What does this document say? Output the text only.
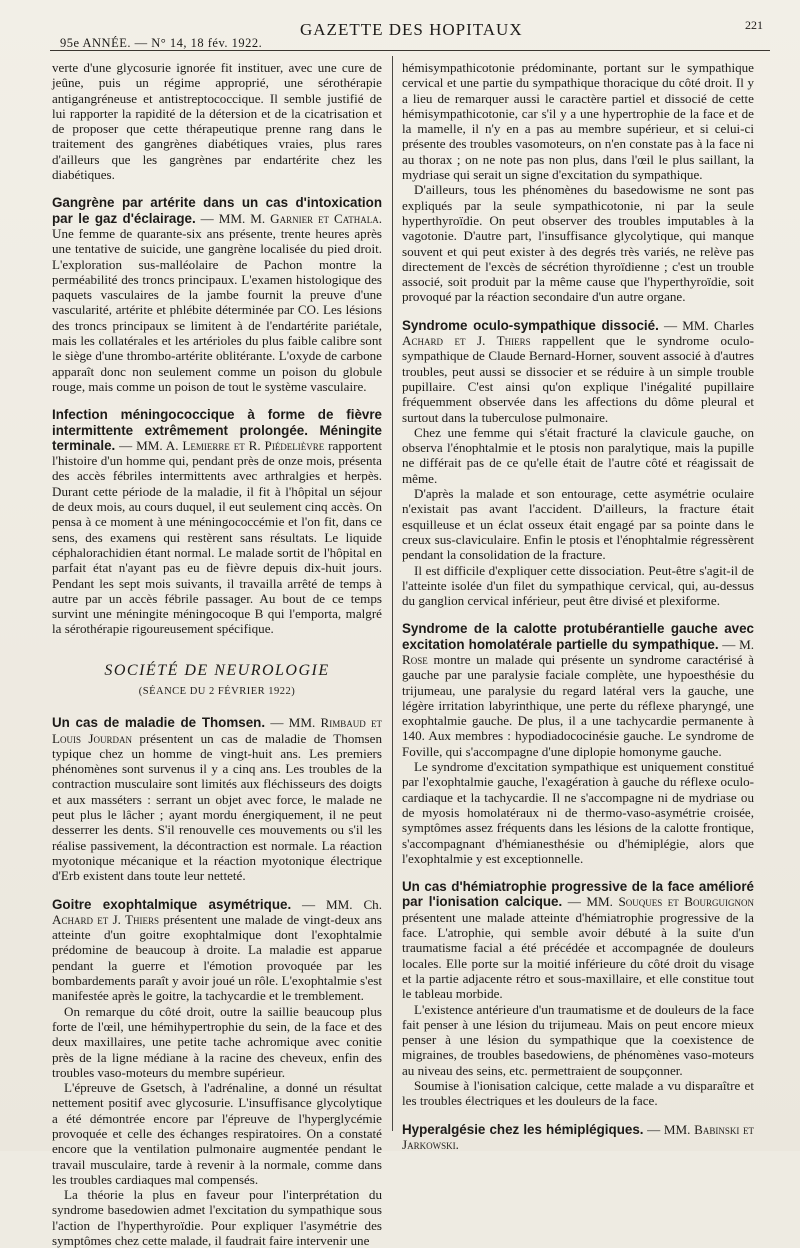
95e ANNÉE. — N° 14, 18 fév. 1922.
GAZETTE DES HOPITAUX	221

verte d'une glycosurie ignorée fit instituer, avec une cure de jeûne, puis un régime approprié, une sérothérapie antigangréneuse et antistreptococcique. Il semble justifié de lui rapporter la rapidité de la détersion et de la cicatrisation et de proposer que cette thérapeutique prenne rang dans le traitement des gangrènes diabétiques vraies, plus rares d'ailleurs que les gangrènes par endartérite chez les diabétiques.

Gangrène par artérite dans un cas d'intoxication par le gaz d'éclairage. — MM. M. Garnier et Cathala. Une femme de quarante-six ans présente, trente heures après une tentative de suicide, une gangrène localisée du pied droit. L'exploration sus-malléolaire de Pachon montre la perméabilité des troncs principaux. L'examen histologique des paquets vasculaires de la jambe fournit la preuve d'une vascularité, artérite et phlébite déterminée par CO. Les lésions des troncs principaux se limitent à de l'endartérite pariétale, mais les collatérales et les artérioles du plus faible calibre sont le siège d'une thrombo-artérite oblitérante. L'oxyde de carbone apparaît donc non seulement comme un poison du globule rouge, mais comme un poison de tout le système vasculaire.

Infection méningococcique à forme de fièvre intermittente extrêmement prolongée. Méningite terminale. — MM. A. Lemierre et R. Piédelièvre rapportent l'histoire d'un homme qui, pendant près de onze mois, présenta des accès fébriles intermittents avec arthralgies et herpès. Durant cette période de la maladie, il fit à l'hôpital un séjour de deux mois, au cours duquel, il eut seulement cinq accès. On pensa à ce moment à une méningococcémie et l'on fit, dans ce sens, des examens qui restèrent sans résultats. Le liquide céphalorachidien étant normal. Le malade sortit de l'hôpital en parfait état n'ayant pas eu de fièvre depuis dix-huit jours. Pendant les sept mois suivants, il travailla arrêté de temps à autre par un accès fébrile passager. Au bout de ce temps survint une méningite méningocoque B qui l'emporta, malgré la sérothérapie rigoureusement spécifique.

SOCIÉTÉ DE NEUROLOGIE
(SÉANCE DU 2 FÉVRIER 1922)

Un cas de maladie de Thomsen. — MM. Rimbaud et Louis Jourdan présentent un cas de maladie de Thomsen typique chez un homme de vingt-huit ans. Les premiers phénomènes sont survenus il y a cinq ans. Les troubles de la contraction musculaire sont limités aux fléchisseurs des doigts et aux masséters : serrant un objet avec force, le malade ne peut plus le lâcher ; ayant mordu énergiquement, il ne peut desserrer les dents. S'il renouvelle ces mouvements ou s'il les réalise passivement, la décontraction est normale. La réaction myotonique mécanique et la réaction myotonique électrique d'Erb existent dans toute leur netteté.

Goitre exophtalmique asymétrique. — MM. Ch. Achard et J. Thiers présentent une malade de vingt-deux ans atteinte d'un goitre exophtalmique dont l'exophtalmie prédomine de beaucoup à droite. La maladie est apparue pendant la guerre et l'émotion provoquée par les bombardements paraît y avoir joué un rôle. L'exophtalmie s'est manifestée après le goitre, la tachycardie et le tremblement.

On remarque du côté droit, outre la saillie beaucoup plus forte de l'œil, une hémihypertrophie du sein, de la face et des deux maxillaires, une petite tache achromique avec conitie près de la ligne médiane à la racine des cheveux, enfin des troubles vaso-moteurs du membre supérieur.

L'épreuve de Gsetsch, à l'adrénaline, a donné un résultat nettement positif avec glycosurie. L'insuffisance glycolytique a été démontrée encore par l'épreuve de l'hyperglycémie provoquée et celle des échanges respiratoires. On a constaté encore que la ventilation pulmonaire augmentée pendant le travail musculaire, tarde à revenir à la normale, comme dans les troubles cardiaques mal compensés.

La théorie la plus en faveur pour l'interprétation du syndrome basedowien admet l'excitation du sympathique sous l'action de l'hyperthyroïdie. Pour expliquer l'asymétrie des symptômes chez cette malade, il faudrait faire intervenir une

hémisympathicotonie prédominante, portant sur le sympathique cervical et une partie du sympathique thoracique du côté droit. Il y a lieu de remarquer aussi le caractère partiel et dissocié de cette hémisympathicotonie, car s'il y a une hypertrophie de la face et de la mamelle, il n'y en a pas au membre supérieur, et si celui-ci présente des troubles vasomoteurs, on n'en constate pas à la face ni au thorax ; on ne note pas non plus, dans l'œil le plus saillant, la mydriase qui serait un signe d'excitation du sympathique.

D'ailleurs, tous les phénomènes du basedowisme ne sont pas expliqués par la seule sympathicotonie, ni par la seule hyperthyroïdie. On peut observer des troubles imputables à la vagotonie. D'autre part, l'insuffisance glycolytique, qui manque souvent et qui peut exister à des degrés très variés, ne relève pas directement de l'excès de sécrétion thyroïdienne ; c'est un trouble associé, soit produit par la même cause que l'hyperthyroïdie, soit provoqué par la réaction secondaire d'un autre organe.

Syndrome oculo-sympathique dissocié. — MM. Charles Achard et J. Thiers rappellent que le syndrome oculo-sympathique de Claude Bernard-Horner, souvent associé à d'autres troubles, peut aussi se dissocier et se réduire à un simple trouble pupillaire. C'est ainsi qu'on explique l'inégalité pupillaire fréquemment observée dans les affections du dôme pleural et surtout dans la tuberculose pulmonaire.

Chez une femme qui s'était fracturé la clavicule gauche, on observa l'énophtalmie et le ptosis non paralytique, mais la pupille ne différait pas de ce qu'elle était de l'autre côté et réagissait de même.

D'après la malade et son entourage, cette asymétrie oculaire n'existait pas avant l'accident. D'ailleurs, la fracture était esquilleuse et un éclat osseux était engagé par sa pointe dans le creux sus-claviculaire. Enfin le ptosis et l'énophtalmie régressèrent pendant la consolidation de la fracture.

Il est difficile d'expliquer cette dissociation. Peut-être s'agit-il de l'atteinte isolée d'un filet du sympathique cervical, qui, au-dessus du ganglion cervical inférieur, peut être divisé et plexiforme.

Syndrome de la calotte protubérantielle gauche avec excitation homolatérale partielle du sympathique. — M. Rose montre un malade qui présente un syndrome caractérisé à gauche par une paralysie faciale complète, une hypoesthésie du trijumeau, une paralysie du regard latéral vers la gauche, une légère irritation labyrinthique, une perte du réflexe pharyngé, une exophtalmie gauche. De plus, il a une tachycardie permanente à 140. Aux membres : hypodiadococinésie gauche. Le syndrome de Foville, qui s'accompagne d'une diplopie homonyme gauche.

Le syndrome d'excitation sympathique est uniquement constitué par l'exophtalmie gauche, l'exagération à gauche du réflexe oculo-cardiaque et la tachycardie. Il ne s'accompagne ni de mydriase ou de myosis homolatéraux ni de thermo-vaso-asymétrie croisée, symptômes assez fréquents dans les lésions de la calotte frontique, s'accompagnant d'hémianesthésie ou d'hémiplégie, alors que l'exophtalmie y est exceptionnelle.

Un cas d'hémiatrophie progressive de la face amélioré par l'ionisation calcique. — MM. Souques et Bourguignon présentent une malade atteinte d'hémiatrophie progressive de la face. L'atrophie, qui semble avoir débuté à la suite d'un traumatisme facial a été précédée et accompagnée de douleurs locales. Elle porte sur la moitié inférieure du côté droit du visage et la partie adjacente rétro et sous-maxillaire, et elle constitue tout le tableau morbide.

L'existence antérieure d'un traumatisme et de douleurs de la face fait penser à une lésion du trijumeau. Mais on peut encore mieux penser à une lésion du sympathique que la coexistence de migraines, de troubles basedowiens, de phénomènes vaso-moteurs au niveau des seins, etc. permettraient de soupçonner.

Soumise à l'ionisation calcique, cette malade a vu disparaître et les troubles électriques et les douleurs de la face.

Hyperalgésie chez les hémiplégiques. — MM. Babinski et Jarkowski.
